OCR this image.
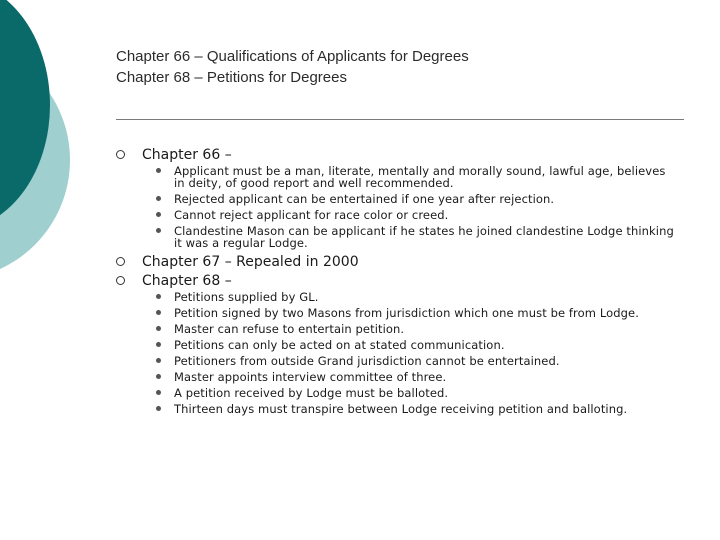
Chapter 66 – Qualifications of Applicants for Degrees
Chapter 68 – Petitions for Degrees
Chapter 66 –
Applicant must be a man, literate, mentally and morally sound, lawful age, believes in deity, of good report and well recommended.
Rejected applicant can be entertained if one year after rejection.
Cannot reject applicant for race color or creed.
Clandestine Mason can be applicant if he states he joined clandestine Lodge thinking it was a regular Lodge.
Chapter 67 – Repealed in 2000
Chapter 68 –
Petitions supplied by GL.
Petition signed by two Masons from jurisdiction which one must be from Lodge.
Master can refuse to entertain petition.
Petitions can only be acted on at stated communication.
Petitioners from outside Grand jurisdiction cannot be entertained.
Master appoints interview committee of three.
A petition received by Lodge must be balloted.
Thirteen days must transpire between Lodge receiving petition and balloting.
